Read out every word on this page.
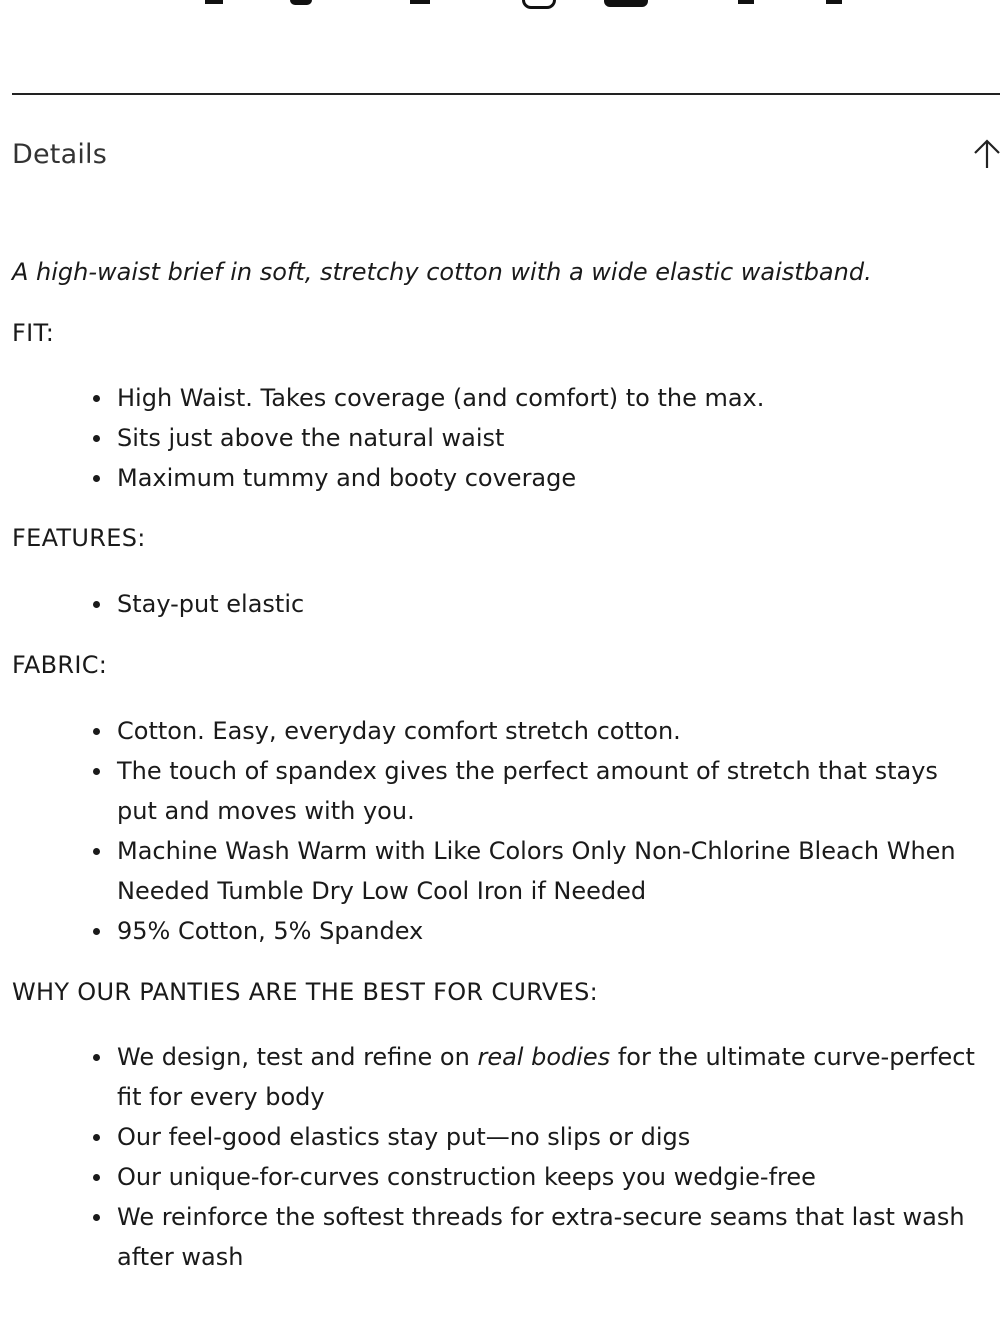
Details

A high-waist brief in soft, stretchy cotton with a wide elastic waistband.

FIT:
High Waist. Takes coverage (and comfort) to the max.
Sits just above the natural waist
Maximum tummy and booty coverage
FEATURES:
Stay-put elastic
FABRIC:
Cotton. Easy, everyday comfort stretch cotton.
The touch of spandex gives the perfect amount of stretch that stays put and moves with you.
Machine Wash Warm with Like Colors Only Non-Chlorine Bleach When Needed Tumble Dry Low Cool Iron if Needed
95% Cotton, 5% Spandex
WHY OUR PANTIES ARE THE BEST FOR CURVES:
We design, test and refine on real bodies for the ultimate curve-perfect fit for every body
Our feel-good elastics stay put—no slips or digs
Our unique-for-curves construction keeps you wedgie-free
We reinforce the softest threads for extra-secure seams that last wash after wash
